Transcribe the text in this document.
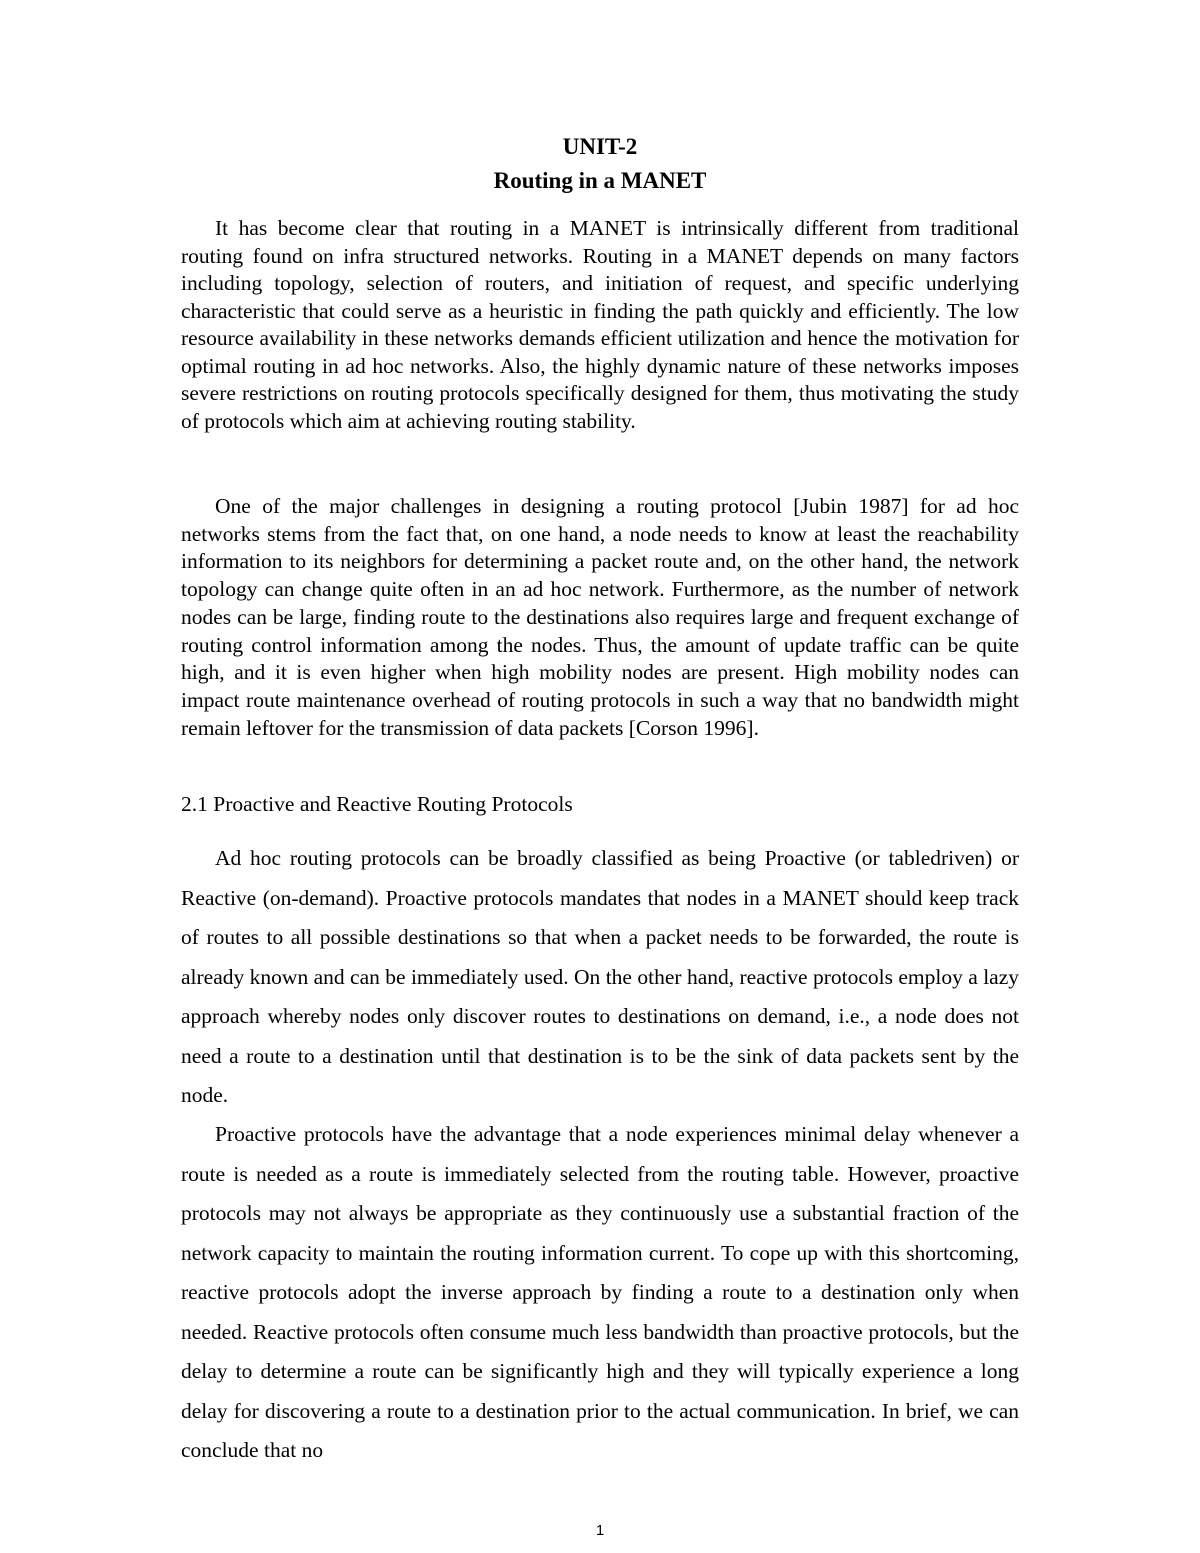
UNIT-2
Routing in a MANET

It has become clear that routing in a MANET is intrinsically different from traditional routing found on infra structured networks. Routing in a MANET depends on many factors including topology, selection of routers, and initiation of request, and specific underlying characteristic that could serve as a heuristic in finding the path quickly and efficiently. The low resource availability in these networks demands efficient utilization and hence the motivation for optimal routing in ad hoc networks. Also, the highly dynamic nature of these networks imposes severe restrictions on routing protocols specifically designed for them, thus motivating the study of protocols which aim at achieving routing stability.

One of the major challenges in designing a routing protocol [Jubin 1987] for ad hoc networks stems from the fact that, on one hand, a node needs to know at least the reachability information to its neighbors for determining a packet route and, on the other hand, the network topology can change quite often in an ad hoc network. Furthermore, as the number of network nodes can be large, finding route to the destinations also requires large and frequent exchange of routing control information among the nodes. Thus, the amount of update traffic can be quite high, and it is even higher when high mobility nodes are present. High mobility nodes can impact route maintenance overhead of routing protocols in such a way that no bandwidth might remain leftover for the transmission of data packets [Corson 1996].

2.1 Proactive and Reactive Routing Protocols

Ad hoc routing protocols can be broadly classified as being Proactive (or tabledriven) or Reactive (on-demand). Proactive protocols mandates that nodes in a MANET should keep track of routes to all possible destinations so that when a packet needs to be forwarded, the route is already known and can be immediately used. On the other hand, reactive protocols employ a lazy approach whereby nodes only discover routes to destinations on demand, i.e., a node does not need a route to a destination until that destination is to be the sink of data packets sent by the node.

Proactive protocols have the advantage that a node experiences minimal delay whenever a route is needed as a route is immediately selected from the routing table. However, proactive protocols may not always be appropriate as they continuously use a substantial fraction of the network capacity to maintain the routing information current. To cope up with this shortcoming, reactive protocols adopt the inverse approach by finding a route to a destination only when needed. Reactive protocols often consume much less bandwidth than proactive protocols, but the delay to determine a route can be significantly high and they will typically experience a long delay for discovering a route to a destination prior to the actual communication. In brief, we can conclude that no

1
